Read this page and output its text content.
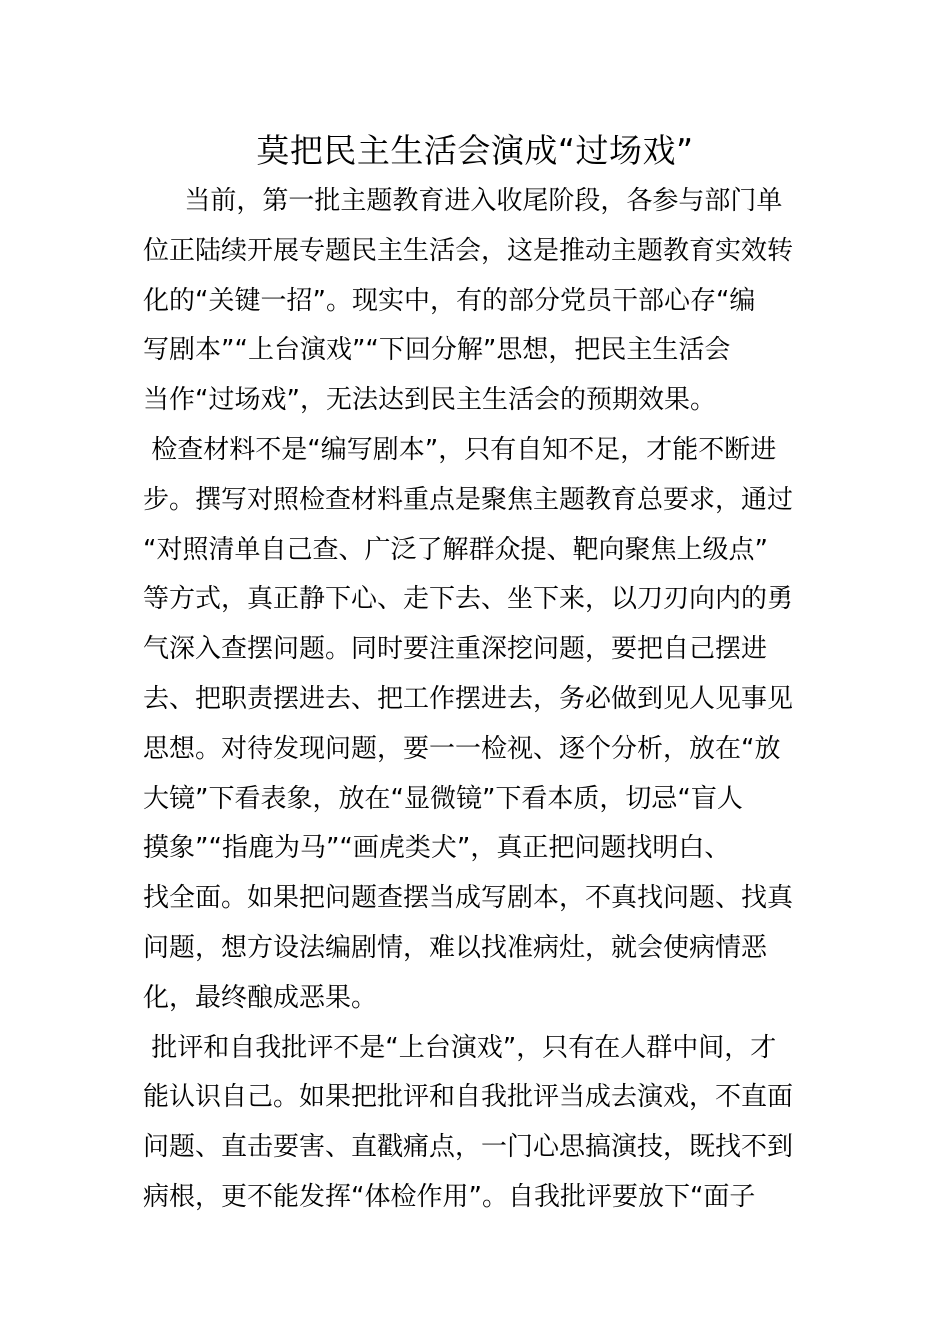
莫把民主生活会演成“过场戏”
当前，第一批主题教育进入收尾阶段，各参与部门单
位正陆续开展专题民主生活会，这是推动主题教育实效转
化的“关键一招”。现实中，有的部分党员干部心存“编
写剧本”“上台演戏”“下回分解”思想，把民主生活会
当作“过场戏”，无法达到民主生活会的预期效果。
检查材料不是“编写剧本”，只有自知不足，才能不断进
步。撰写对照检查材料重点是聚焦主题教育总要求，通过
“对照清单自己查、广泛了解群众提、靶向聚焦上级点”
等方式，真正静下心、走下去、坐下来，以刀刃向内的勇
气深入查摆问题。同时要注重深挖问题，要把自己摆进
去、把职责摆进去、把工作摆进去，务必做到见人见事见
思想。对待发现问题，要一一检视、逐个分析，放在“放
大镜”下看表象，放在“显微镜”下看本质，切忌“盲人
摸象”“指鹿为马”“画虎类犬”，真正把问题找明白、
找全面。如果把问题查摆当成写剧本，不真找问题、找真
问题，想方设法编剧情，难以找准病灶，就会使病情恶
化，最终酿成恶果。
批评和自我批评不是“上台演戏”，只有在人群中间，才
能认识自己。如果把批评和自我批评当成去演戏，不直面
问题、直击要害、直戳痛点，一门心思搞演技，既找不到
病根，更不能发挥“体检作用”。自我批评要放下“面子
